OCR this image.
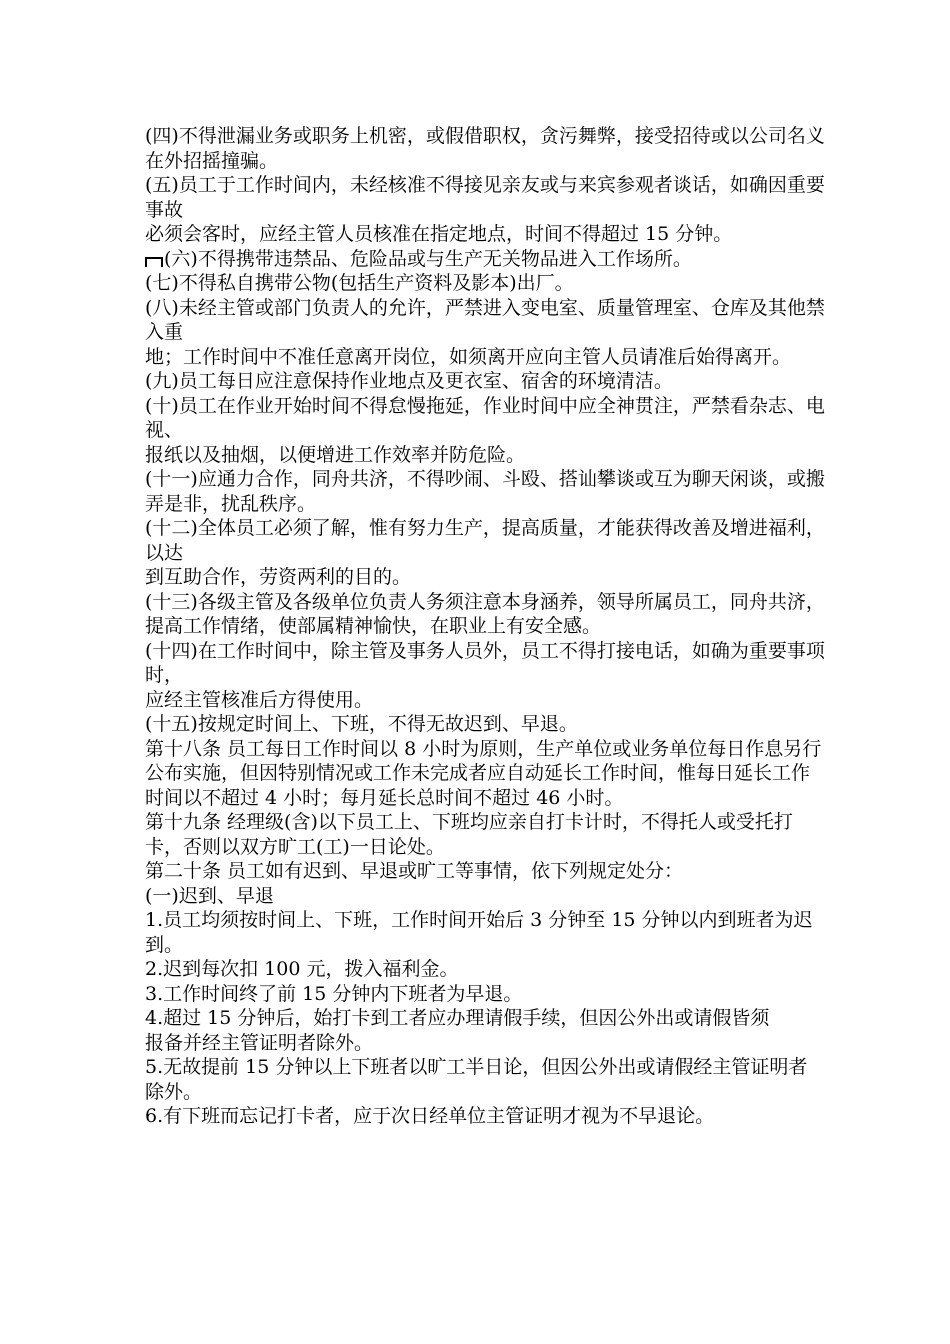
(四)不得泄漏业务或职务上机密，或假借职权，贪污舞弊，接受招待或以公司名义在外招摇撞骗。

(五)员工于工作时间内，未经核准不得接见亲友或与来宾参观者谈话，如确因重要事故

必须会客时，应经主管人员核准在指定地点，时间不得超过 15 分钟。

(六)不得携带违禁品、危险品或与生产无关物品进入工作场所。

(七)不得私自携带公物(包括生产资料及影本)出厂。

(八)未经主管或部门负责人的允许，严禁进入变电室、质量管理室、仓库及其他禁入重

地；工作时间中不准任意离开岗位，如须离开应向主管人员请准后始得离开。

(九)员工每日应注意保持作业地点及更衣室、宿舍的环境清洁。

(十)员工在作业开始时间不得怠慢拖延，作业时间中应全神贯注，严禁看杂志、电视、

报纸以及抽烟，以便增进工作效率并防危险。

(十一)应通力合作，同舟共济，不得吵闹、斗殴、搭讪攀谈或互为聊天闲谈，或搬弄是非，扰乱秩序。

(十二)全体员工必须了解，惟有努力生产，提高质量，才能获得改善及增进福利，以达

到互助合作，劳资两利的目的。

(十三)各级主管及各级单位负责人务须注意本身涵养，领导所属员工，同舟共济，提高工作情绪，使部属精神愉快，在职业上有安全感。

(十四)在工作时间中，除主管及事务人员外，员工不得打接电话，如确为重要事项时，

应经主管核准后方得使用。

(十五)按规定时间上、下班，不得无故迟到、早退。

第十八条 员工每日工作时间以 8 小时为原则，生产单位或业务单位每日作息另行公布实施，但因特别情况或工作未完成者应自动延长工作时间，惟每日延长工作时间以不超过 4 小时；每月延长总时间不超过 46 小时。

第十九条 经理级(含)以下员工上、下班均应亲自打卡计时，不得托人或受托打卡，否则以双方旷工(工)一日论处。

第二十条 员工如有迟到、早退或旷工等事情，依下列规定处分：

(一)迟到、早退

1.员工均须按时间上、下班，工作时间开始后 3 分钟至 15 分钟以内到班者为迟到。

2.迟到每次扣 100 元，拨入福利金。

3.工作时间终了前 15 分钟内下班者为早退。

4.超过 15 分钟后，始打卡到工者应办理请假手续，但因公外出或请假皆须

报备并经主管证明者除外。

5.无故提前 15 分钟以上下班者以旷工半日论，但因公外出或请假经主管证明者除外。

6.有下班而忘记打卡者，应于次日经单位主管证明才视为不早退论。
